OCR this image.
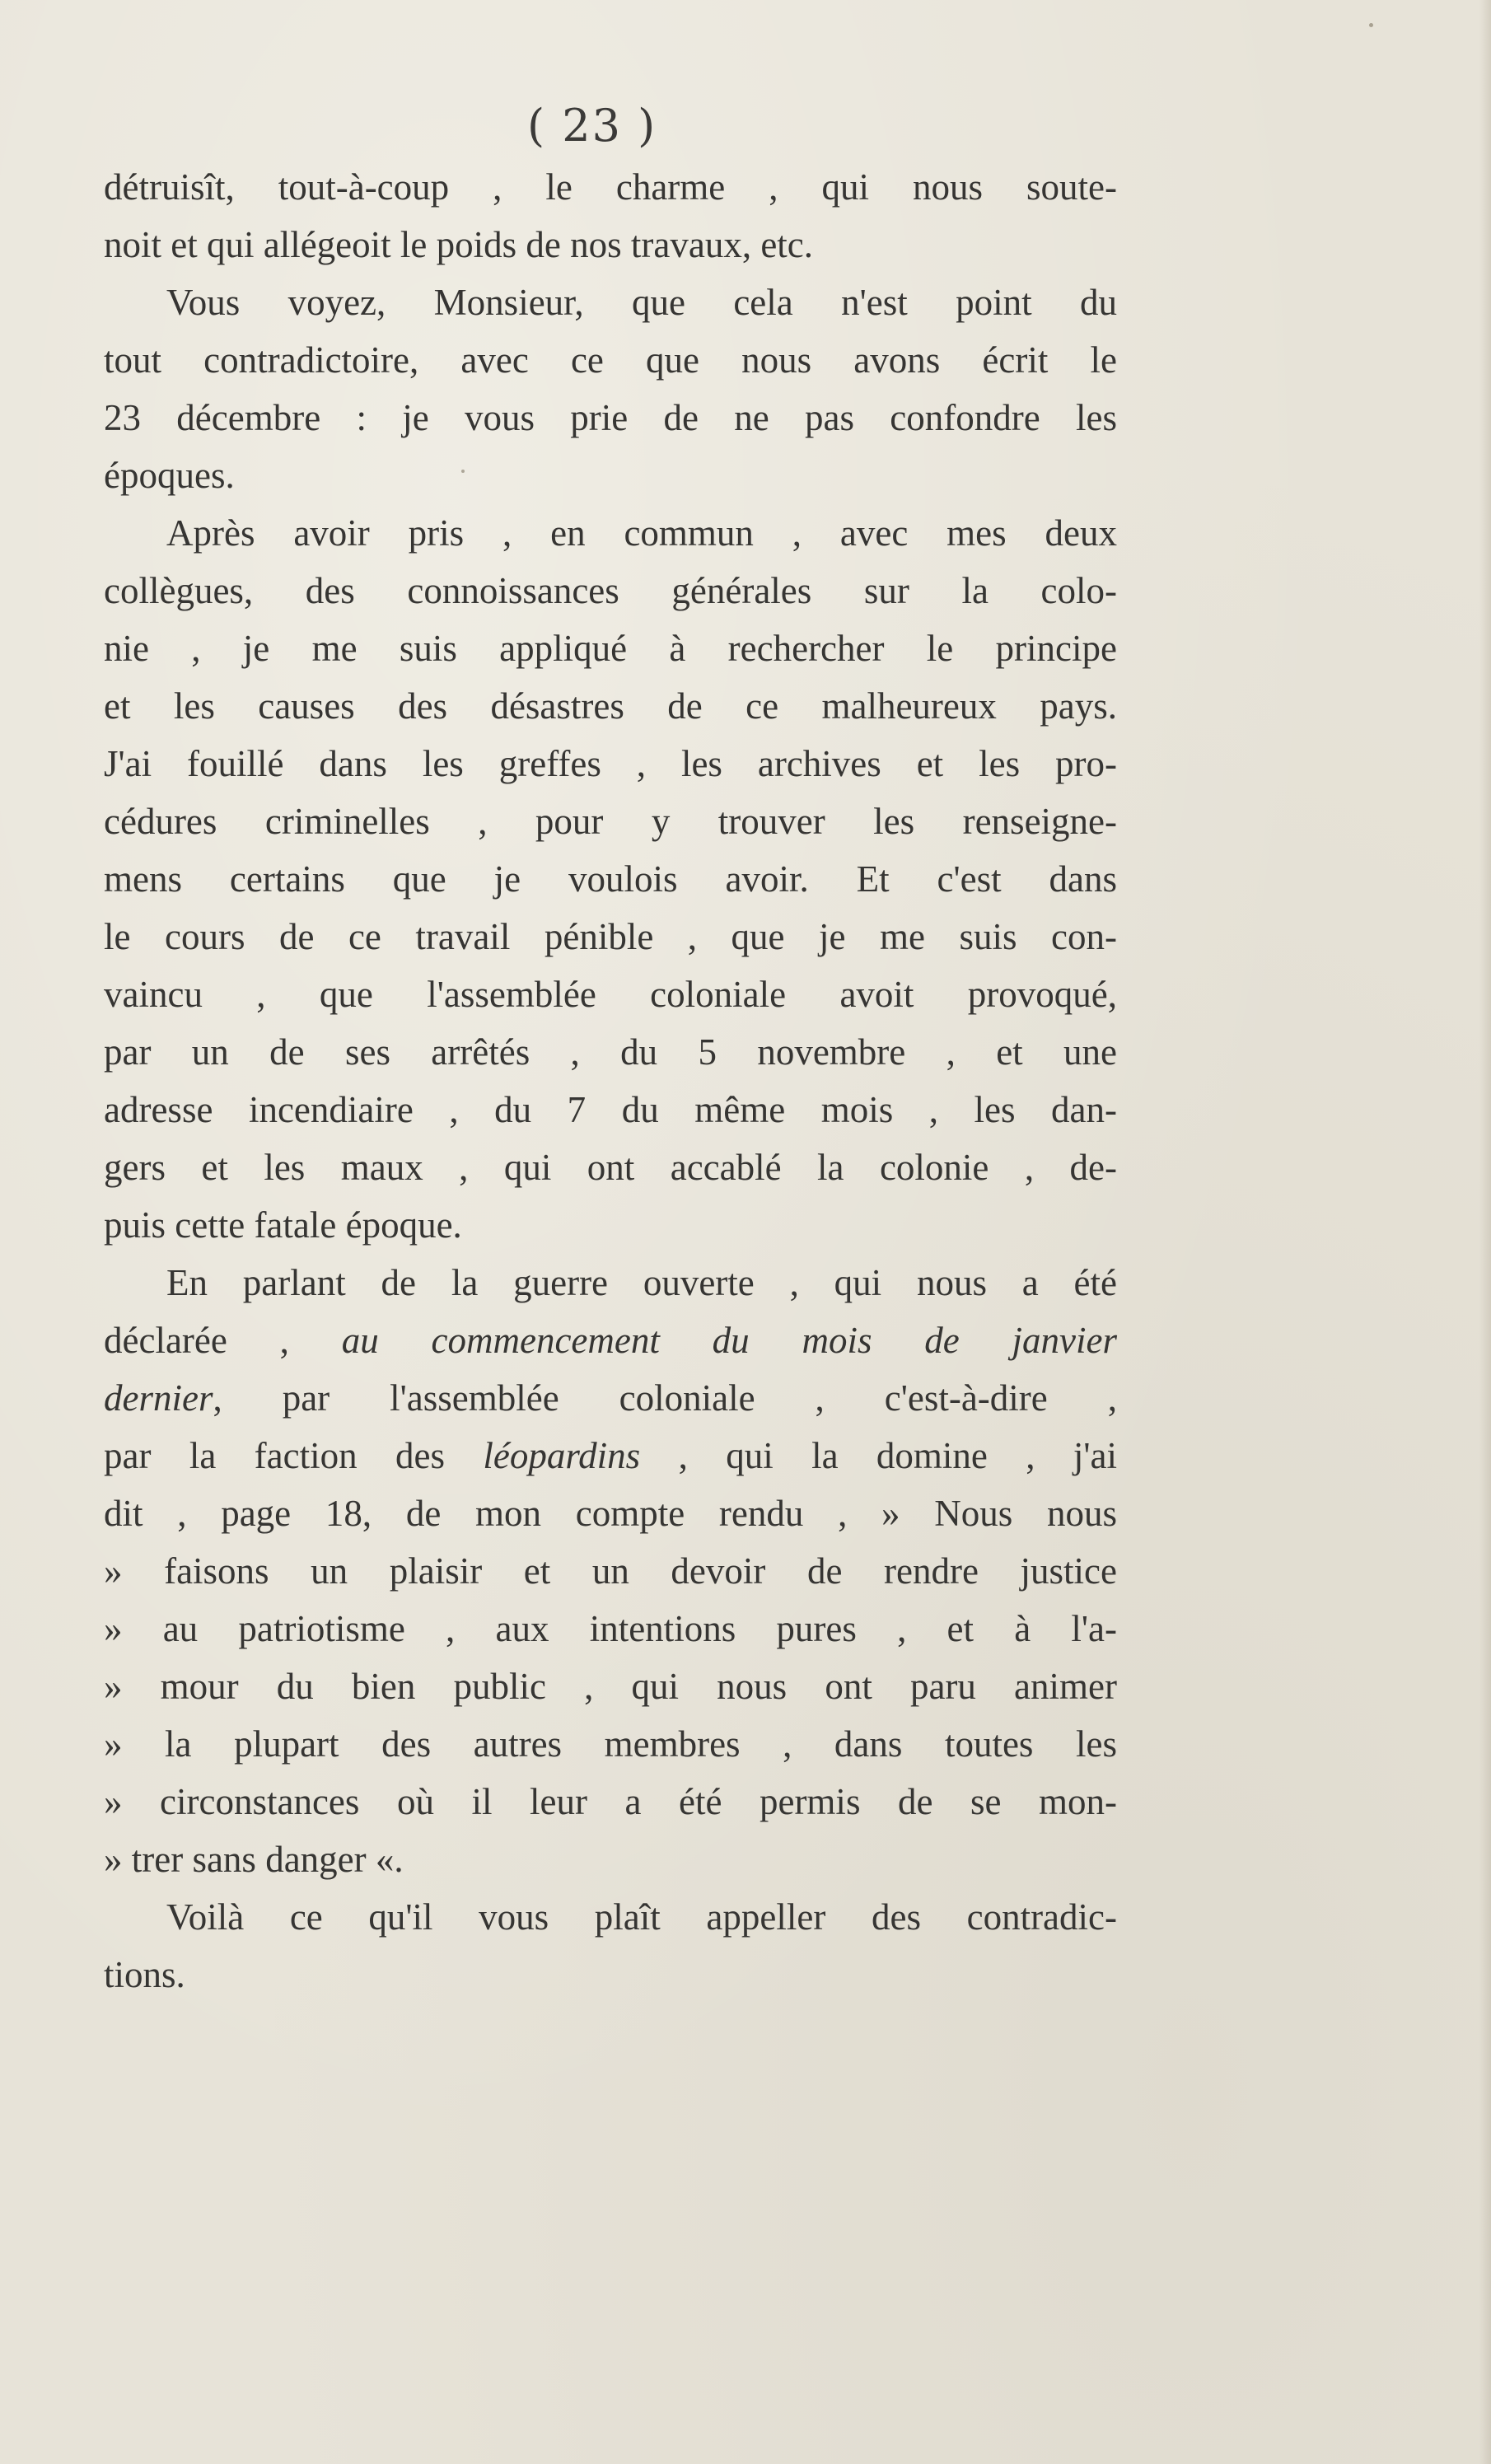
( 23 )
détruisît, tout-à-coup , le charme , qui nous soute-
noit et qui allégeoit le poids de nos travaux, etc.
Vous voyez, Monsieur, que cela n'est point du
tout contradictoire, avec ce que nous avons écrit le
23 décembre : je vous prie de ne pas confondre les
époques.
Après avoir pris , en commun , avec mes deux
collègues, des connoissances générales sur la colo-
nie , je me suis appliqué à rechercher le principe
et les causes des désastres de ce malheureux pays.
J'ai fouillé dans les greffes , les archives et les pro-
cédures criminelles , pour y trouver les renseigne-
mens certains que je voulois avoir. Et c'est dans
le cours de ce travail pénible , que je me suis con-
vaincu , que l'assemblée coloniale avoit provoqué,
par un de ses arrêtés , du 5 novembre , et une
adresse incendiaire , du 7 du même mois , les dan-
gers et les maux , qui ont accablé la colonie , de-
puis cette fatale époque.
En parlant de la guerre ouverte , qui nous a été
déclarée , au commencement du mois de janvier
dernier, par l'assemblée coloniale , c'est-à-dire ,
par la faction des léopardins , qui la domine , j'ai
dit , page 18, de mon compte rendu , » Nous nous
» faisons un plaisir et un devoir de rendre justice
» au patriotisme , aux intentions pures , et à l'a-
» mour du bien public , qui nous ont paru animer
» la plupart des autres membres , dans toutes les
» circonstances où il leur a été permis de se mon-
» trer sans danger «.
Voilà ce qu'il vous plaît appeller des contradic-
tions.
